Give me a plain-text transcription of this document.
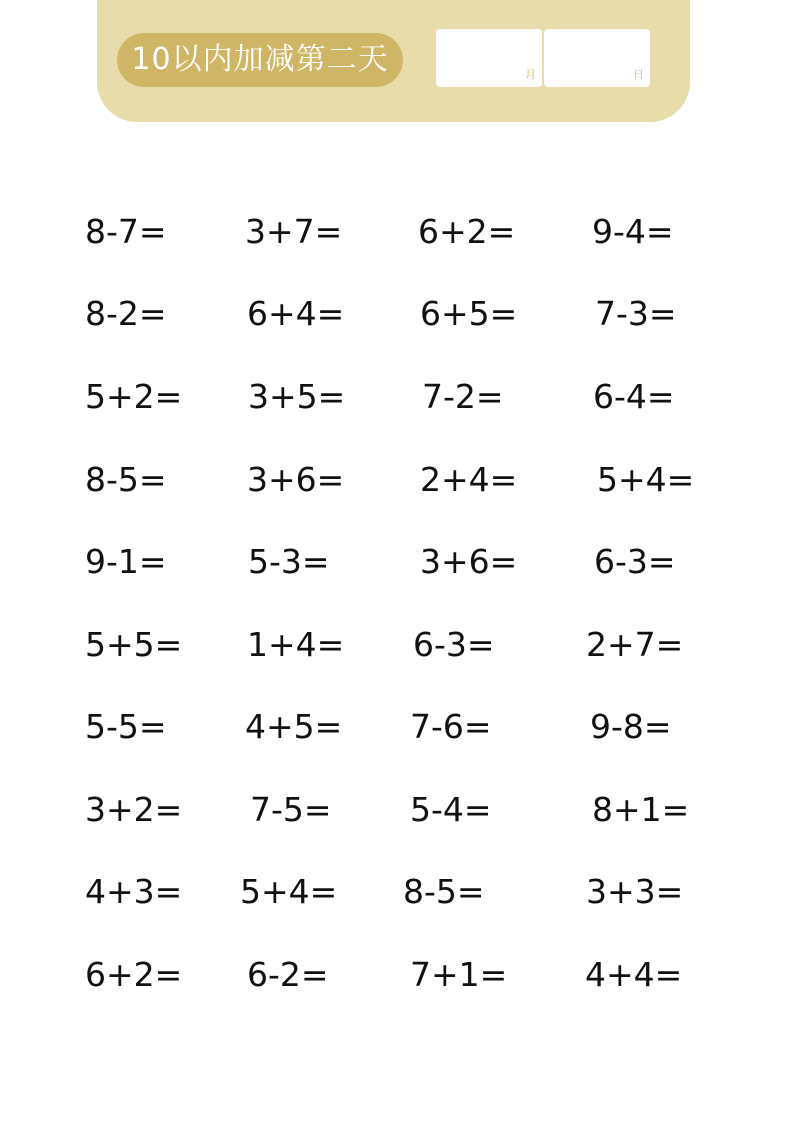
10以内加减第二天	月	日
8-7= 3+7= 6+2= 9-4=
8-2= 6+4= 6+5= 7-3=
5+2= 3+5= 7-2=	6-4=
8-5= 3+6= 2+4= 5+4=
9-1= 5-3=	3+6= 6-3=
5+5= 1+4= 6-3=	2+7=
5-5= 4+5= 7-6=	9-8=
3+2= 7-5= 5-4=	8+1=
4+3= 5+4= 8-5=	3+3=
6+2= 6-2= 7+1= 4+4=
